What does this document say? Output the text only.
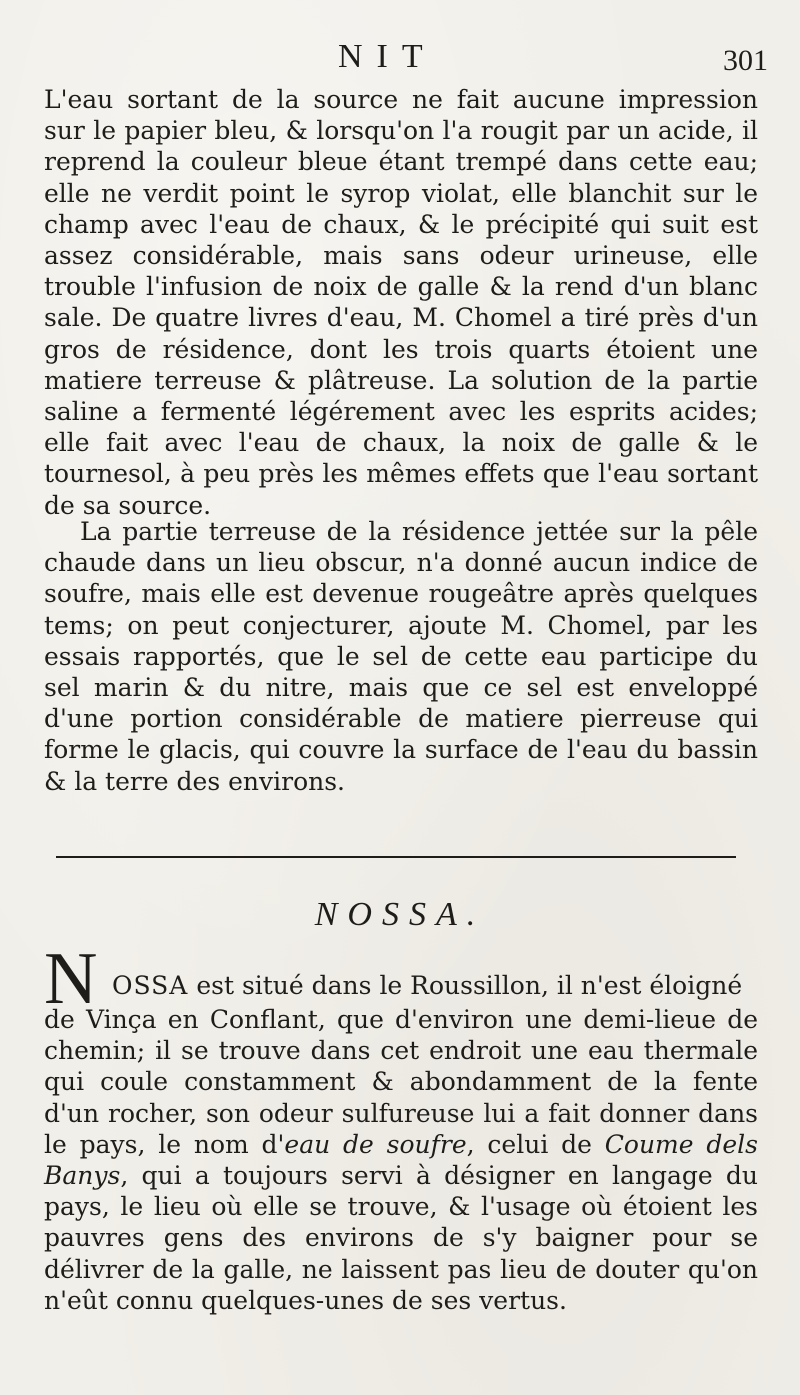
NIT	301

L'eau sortant de la source ne fait aucune impression sur le papier bleu, & lorsqu'on l'a rougit par un acide, il reprend la couleur bleue étant trempé dans cette eau; elle ne verdit point le syrop violat, elle blanchit sur le champ avec l'eau de chaux, & le précipité qui suit est assez considérable, mais sans odeur urineuse, elle trouble l'infusion de noix de galle & la rend d'un blanc sale. De quatre livres d'eau, M. Chomel a tiré près d'un gros de résidence, dont les trois quarts étoient une matiere terreuse & plâtreuse. La solution de la partie saline a fermenté légérement avec les esprits acides; elle fait avec l'eau de chaux, la noix de galle & le tournesol, à peu près les mêmes effets que l'eau sortant de sa source.

La partie terreuse de la résidence jettée sur la pêle chaude dans un lieu obscur, n'a donné aucun indice de soufre, mais elle est devenue rougeâtre après quelques tems; on peut conjecturer, ajoute M. Chomel, par les essais rapportés, que le sel de cette eau participe du sel marin & du nitre, mais que ce sel est enveloppé d'une portion considérable de matiere pierreuse qui forme le glacis, qui couvre la surface de l'eau du bassin & la terre des environs.

NOSSA.
N OSSA est situé dans le Roussillon, il n'est éloigné

de Vinça en Conflant, que d'environ une demi-lieue de chemin; il se trouve dans cet endroit une eau thermale qui coule constamment & abondamment de la fente d'un rocher, son odeur sulfureuse lui a fait donner dans le pays, le nom d'eau de soufre, celui de Coume dels Banys, qui a toujours servi à désigner en langage du pays, le lieu où elle se trouve, & l'usage où étoient les pauvres gens des environs de s'y baigner pour se délivrer de la galle, ne laissent pas lieu de douter qu'on n'eût connu quelques-unes de ses vertus.
